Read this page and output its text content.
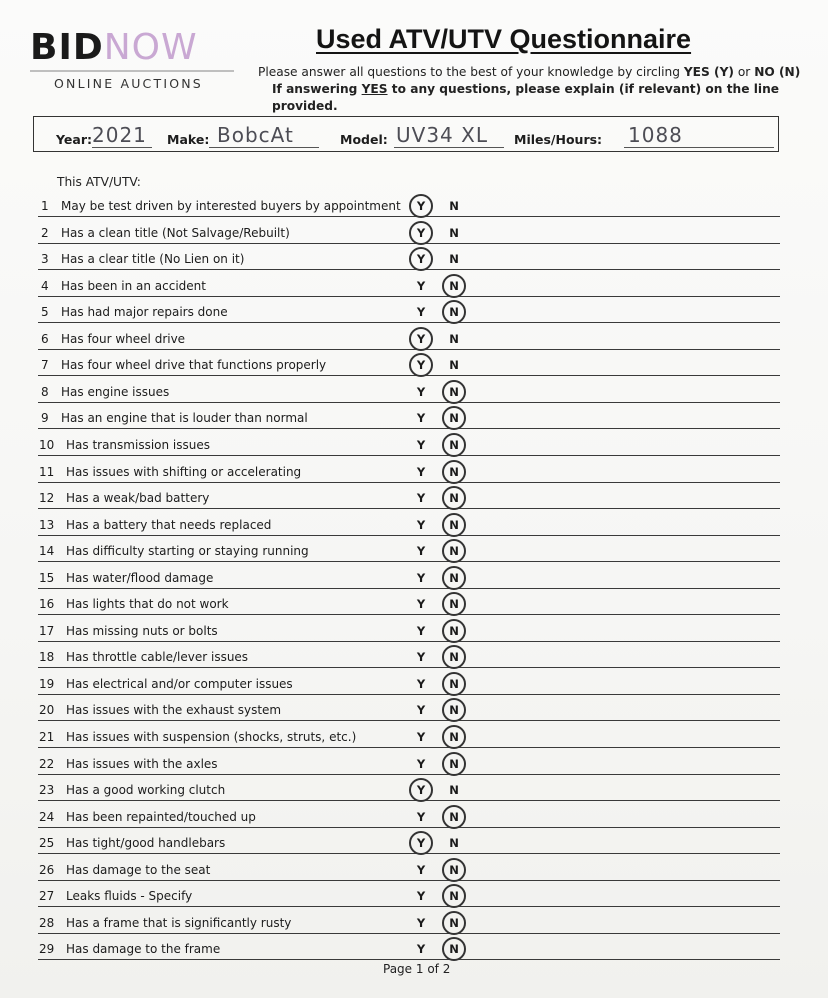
BIDNOW
ONLINE AUCTIONS
Used ATV/UTV Questionnaire
Please answer all questions to the best of your knowledge by circling YES (Y) or NO (N)
If answering YES to any questions, please explain (if relevant) on the line provided.
Year: 2021 Make: BobcAt	Model: UV34 XL Miles/Hours: 1088
This ATV/UTV:
1 May be test driven by interested buyers by appointment Y N
2 Has a clean title (Not Salvage/Rebuilt)	Y N
3 Has a clear title (No Lien on it)	Y N
4 Has been in an accident	Y N
5 Has had major repairs done	Y N
6 Has four wheel drive	Y N
7 Has four wheel drive that functions properly	Y N
8 Has engine issues	Y N
9 Has an engine that is louder than normal	Y N
10 Has transmission issues	Y N
11 Has issues with shifting or accelerating	Y N
12 Has a weak/bad battery	Y N
13 Has a battery that needs replaced	Y N
14 Has difficulty starting or staying running	Y N
15 Has water/flood damage	Y N
16 Has lights that do not work	Y N
17 Has missing nuts or bolts	Y N
18 Has throttle cable/lever issues	Y N
19 Has electrical and/or computer issues	Y N
20 Has issues with the exhaust system	Y N
21 Has issues with suspension (shocks, struts, etc.)	Y N
22 Has issues with the axles	Y N
23 Has a good working clutch	Y N
24 Has been repainted/touched up	Y N
25 Has tight/good handlebars	Y N
26 Has damage to the seat	Y N
27 Leaks fluids - Specify	Y N
28 Has a frame that is significantly rusty	Y N
29 Has damage to the frame	Y N
Page 1 of 2
